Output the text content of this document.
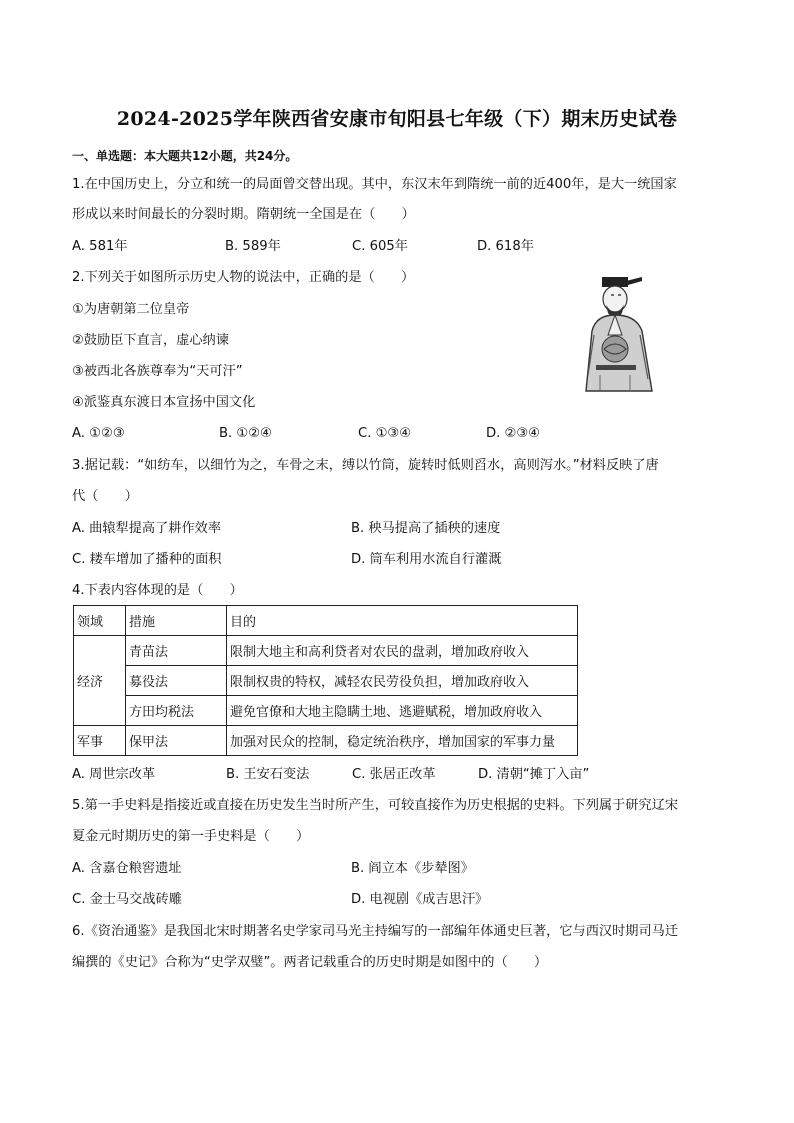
2024-2025学年陕西省安康市旬阳县七年级（下）期末历史试卷
一、单选题：本大题共12小题，共24分。
1.在中国历史上，分立和统一的局面曾交替出现。其中，东汉末年到隋统一前的近400年，是大一统国家
形成以来时间最长的分裂时期。隋朝统一全国是在（　　）
A. 581年	B. 589年	C. 605年	D. 618年
2.下列关于如图所示历史人物的说法中，正确的是（　　）
①为唐朝第二位皇帝
②鼓励臣下直言，虚心纳谏
③被西北各族尊奉为“天可汗”
④派鉴真东渡日本宣扬中国文化
A. ①②③	B. ①②④	C. ①③④	D. ②③④
3.据记载：“如纺车，以细竹为之，车骨之末，缚以竹筒，旋转时低则舀水，高则泻水。”材料反映了唐
代（　　）
A. 曲辕犁提高了耕作效率	B. 秧马提高了插秧的速度
C. 耧车增加了播种的面积	D. 筒车利用水流自行灌溉
4.下表内容体现的是（　　）
领域	措施	目的
经济	青苗法	限制大地主和高利贷者对农民的盘剥，增加政府收入
	募役法	限制权贵的特权，减轻农民劳役负担，增加政府收入
	方田均税法	避免官僚和大地主隐瞒土地、逃避赋税，增加政府收入
军事	保甲法	加强对民众的控制，稳定统治秩序，增加国家的军事力量
A. 周世宗改革	B. 王安石变法	C. 张居正改革	D. 清朝“摊丁入亩”
5.第一手史料是指接近或直接在历史发生当时所产生，可较直接作为历史根据的史料。下列属于研究辽宋
夏金元时期历史的第一手史料是（　　）
A. 含嘉仓粮窖遗址	B. 阎立本《步辇图》
C. 金士马交战砖雕	D. 电视剧《成吉思汗》
6.《资治通鉴》是我国北宋时期著名史学家司马光主持编写的一部编年体通史巨著，它与西汉时期司马迁
编撰的《史记》合称为“史学双璧”。两者记载重合的历史时期是如图中的（　　）
